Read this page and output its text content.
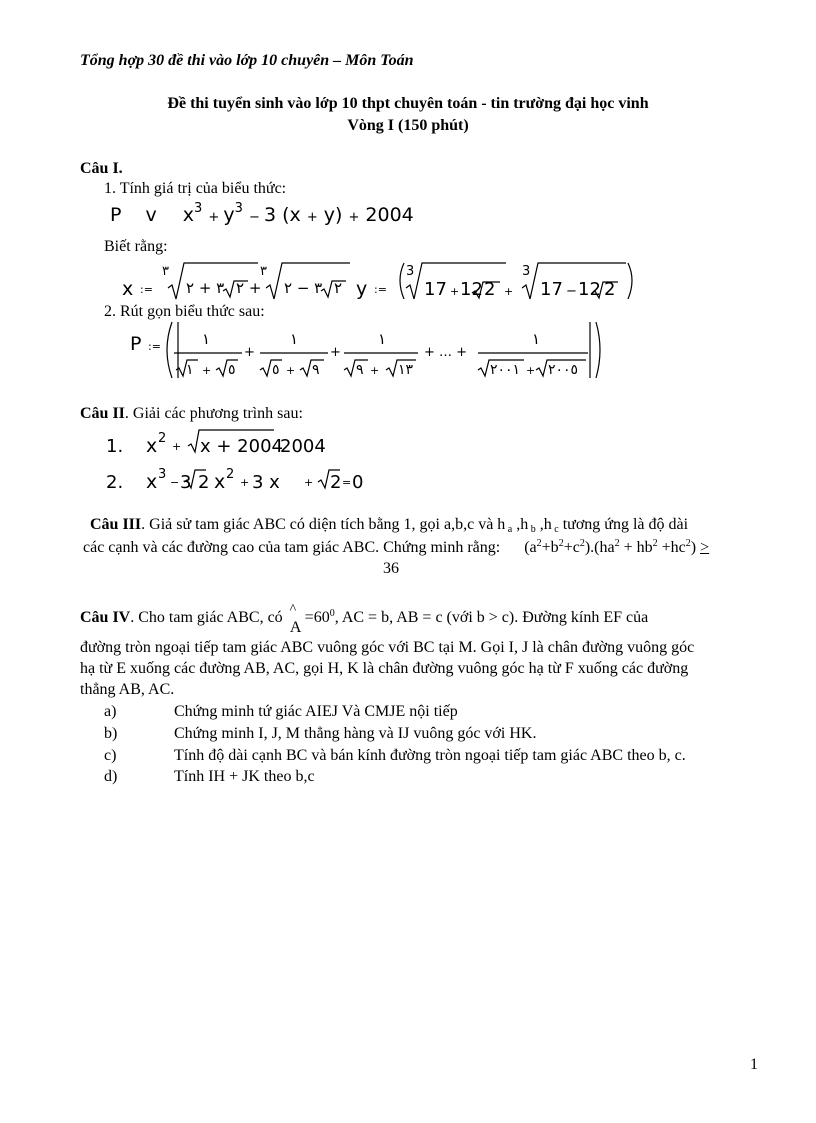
Tổng hợp 30 đề thi vào lớp 10 chuyên – Môn Toán
Đề thi tuyển sinh vào lớp 10 thpt chuyên toán - tin trường đại học vinh
Vòng I (150 phút)
Câu I.
1. Tính giá trị của biểu thức:
P v $x^3 + y^3 - 3$ (x + y) + 2004
Biết rằng:
x :=
٣
٣ + ٢ ٢ +
٣
٣ − ٢ ٢ y :=
3
17 + 12 2 +
3
17 − 12 2
2. Rút gọn biểu thức sau:
P :=	١	١	١	١
+	+	+ … +
١ + ٥	٥ + ٩	٩ + ١٣	٢٠٠١ + ٢٠٠٥
Câu II. Giải các phương trình sau:
1. x 2
+ x + 2004
2004
2. x 3
− 3 2 x 2
+ 3 x + 2 = 0
Câu III. Giả sử tam giác ABC có diện tích bằng 1, gọi a,b,c và h $_a$ ,h $_b$ ,h $_c$ tương ứng là độ dài
các cạnh và các đường cao của tam giác ABC. Chứng minh rằng: $(a^2+b^2+c^2).(ha^2 + hb^2 +hc^2)$ >
36
Câu IV. Cho tam giác ABC, có ^
$A=60^0$, AC = b, AB = c (với b > c). Đường kính EF của
đường tròn ngoại tiếp tam giác ABC vuông góc với BC tại M. Gọi I, J là chân đường vuông góc
hạ từ E xuống các đường AB, AC, gọi H, K là chân đường vuông góc hạ từ F xuống các đường
thẳng AB, AC.
a)	Chứng minh tứ giác AIEJ Và CMJE nội tiếp
b)	Chứng minh I, J, M thẳng hàng và IJ vuông góc với HK.
c)	Tính độ dài cạnh BC và bán kính đường tròn ngoại tiếp tam giác ABC theo b, c.
d)	Tính IH + JK theo b,c
1
